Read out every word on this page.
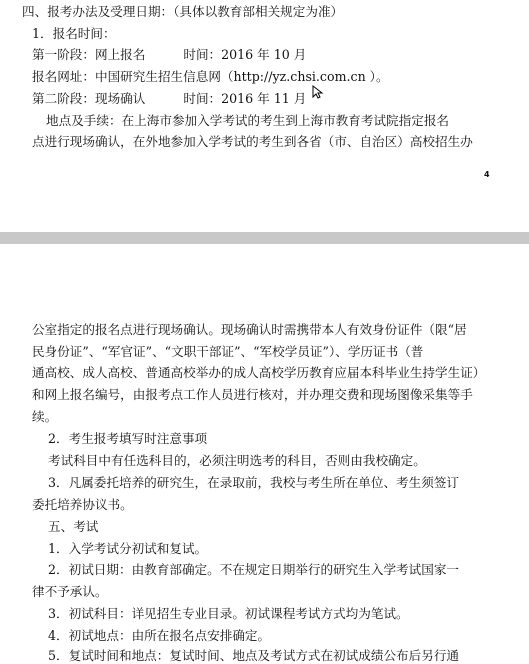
四、报考办法及受理日期：（具体以教育部相关规定为准）
1．报名时间：
第一阶段：网上报名	时间：2016 年 10 月
报名网址：中国研究生招生信息网（http://yz.chsi.com.cn ）。
第二阶段：现场确认	时间：2016 年 11 月
地点及手续：在上海市参加入学考试的考生到上海市教育考试院指定报名
点进行现场确认，在外地参加入学考试的考生到各省（市、自治区）高校招生办
4
公室指定的报名点进行现场确认。现场确认时需携带本人有效身份证件（限“居
民身份证”、“军官证”、“文职干部证”、“军校学员证”）、学历证书（普
通高校、成人高校、普通高校举办的成人高校学历教育应届本科毕业生持学生证）
和网上报名编号，由报考点工作人员进行核对，并办理交费和现场图像采集等手
续。
2．考生报考填写时注意事项
考试科目中有任选科目的，必须注明选考的科目，否则由我校确定。
3．凡属委托培养的研究生，在录取前，我校与考生所在单位、考生须签订
委托培养协议书。
五、考试
1．入学考试分初试和复试。
2．初试日期：由教育部确定。不在规定日期举行的研究生入学考试国家一
律不予承认。
3．初试科目：详见招生专业目录。初试课程考试方式均为笔试。
4．初试地点：由所在报名点安排确定。
5．复试时间和地点：复试时间、地点及考试方式在初试成绩公布后另行通
